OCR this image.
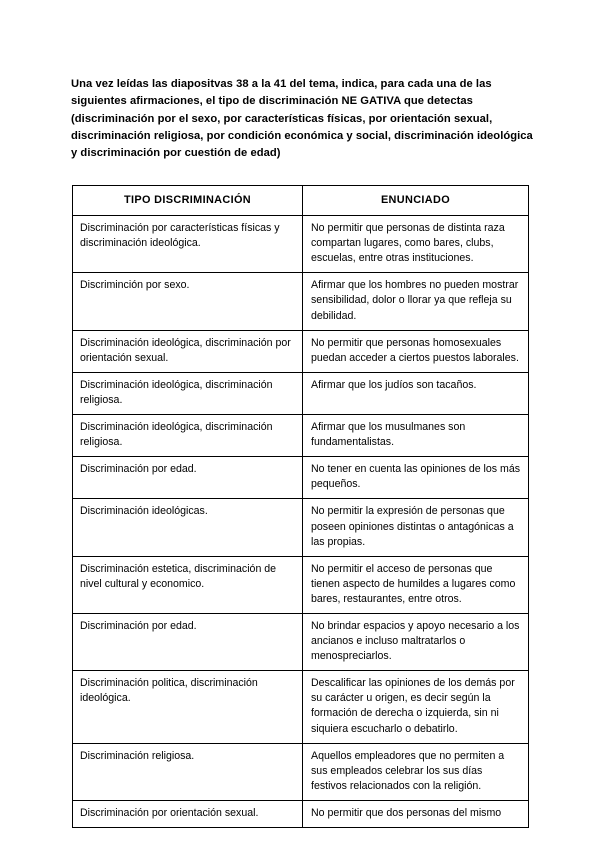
Una vez leídas las diapositvas 38 a la 41 del tema, indica, para cada una de las
siguientes afirmaciones, el tipo de discriminación NE GATIVA que detectas
(discriminación por el sexo, por características físicas, por orientación sexual,
discriminación religiosa, por condición económica y social, discriminación ideológica
y discriminación por cuestión de edad)
TIPO DISCRIMINACIÓN	ENUNCIADO
Discriminación por características físicas y discriminación ideológica.	No permitir que personas de distinta raza compartan lugares, como bares, clubs, escuelas, entre otras instituciones.
Discriminción por sexo.	Afirmar que los hombres no pueden mostrar sensibilidad, dolor o llorar ya que refleja su debilidad.
Discriminación ideológica, discriminación por orientación sexual.	No permitir que personas homosexuales puedan acceder a ciertos puestos laborales.
Discriminación ideológica, discriminación religiosa.	Afirmar que los judíos son tacaños.
Discriminación ideológica, discriminación religiosa.	Afirmar que los musulmanes son fundamentalistas.
Discriminación por edad.	No tener en cuenta las opiniones de los más pequeños.
Discriminación ideológicas.	No permitir la expresión de personas que poseen opiniones distintas o antagónicas a las propias.
Discriminación estetica, discriminación de nivel cultural y economico.	No permitir el acceso de personas que tienen aspecto de humildes a lugares como bares, restaurantes, entre otros.
Discriminación por edad.	No brindar espacios y apoyo necesario a los ancianos e incluso maltratarlos o menospreciarlos.
Discriminación politica, discriminación ideológica.	Descalificar las opiniones de los demás por su carácter u origen, es decir según la formación de derecha o izquierda, sin ni siquiera escucharlo o debatirlo.
Discriminación religiosa.	Aquellos empleadores que no permiten a sus empleados celebrar los sus días festivos relacionados con la religión.
Discriminación por orientación sexual.	No permitir que dos personas del mismo
